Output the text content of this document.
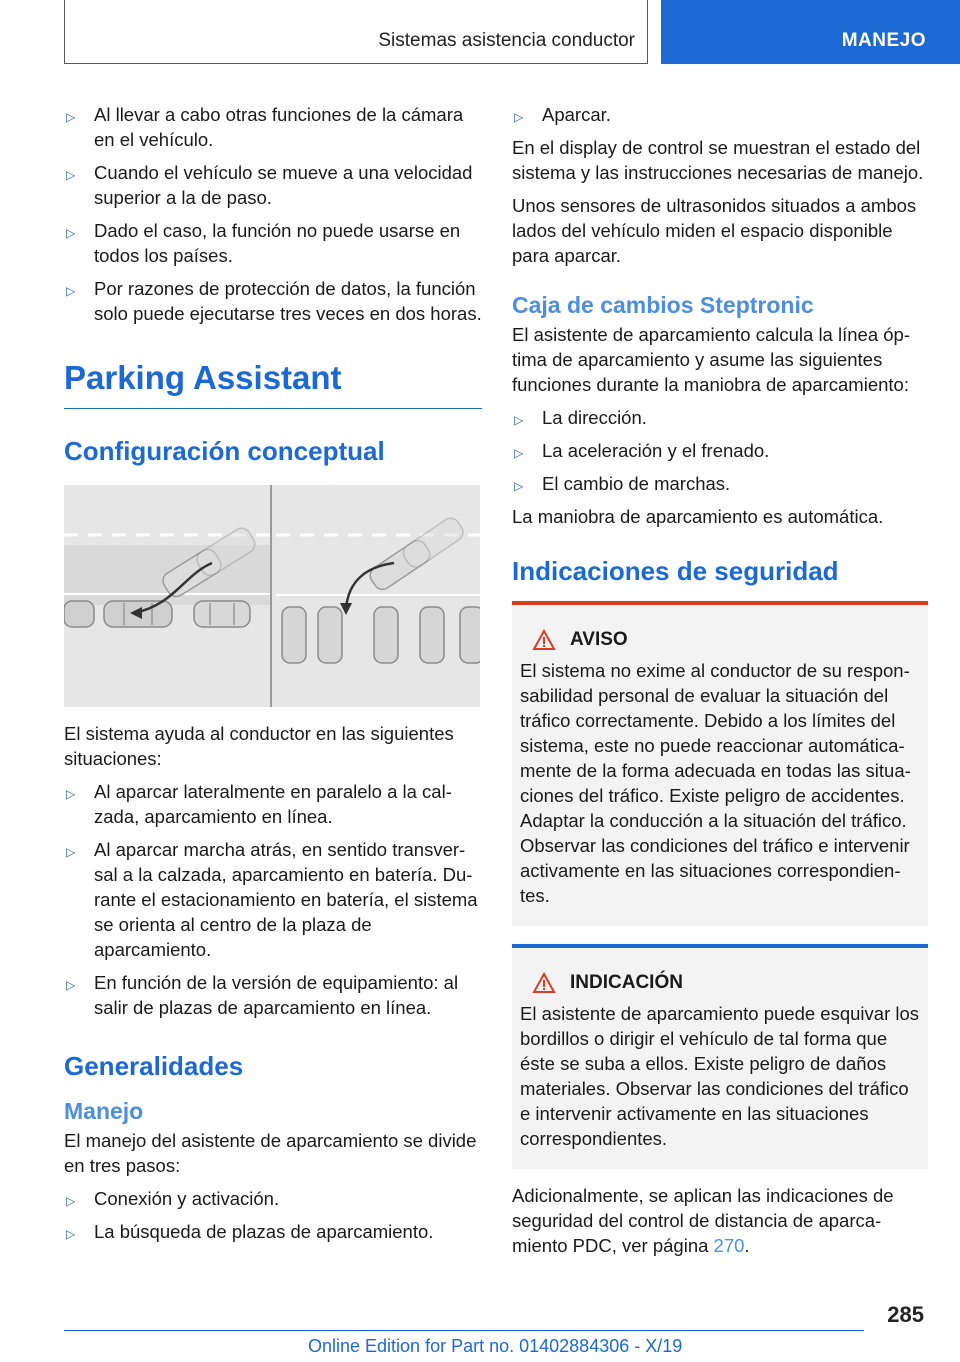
Sistemas asistencia conductor	MANEJO
▷ Al llevar a cabo otras funciones de la cámara en el vehículo.
▷ Cuando el vehículo se mueve a una velocidad superior a la de paso.
▷ Dado el caso, la función no puede usarse en todos los países.
▷ Por razones de protección de datos, la función solo puede ejecutarse tres veces en dos horas.
Parking Assistant
Configuración conceptual

El sistema ayuda al conductor en las siguientes situaciones:

▷ Al aparcar lateralmente en paralelo a la calzada, aparcamiento en línea.
▷ Al aparcar marcha atrás, en sentido transversal a la calzada, aparcamiento en batería. Durante el estacionamiento en batería, el sistema se orienta al centro de la plaza de aparcamiento.
▷ En función de la versión de equipamiento: al salir de plazas de aparcamiento en línea.
Generalidades
Manejo

El manejo del asistente de aparcamiento se divide en tres pasos:

▷ Conexión y activación.
▷ La búsqueda de plazas de aparcamiento.
▷ Aparcar.

En el display de control se muestran el estado del sistema y las instrucciones necesarias de manejo.

Unos sensores de ultrasonidos situados a ambos lados del vehículo miden el espacio disponible para aparcar.

Caja de cambios Steptronic

El asistente de aparcamiento calcula la línea óptima de aparcamiento y asume las siguientes funciones durante la maniobra de aparcamiento:

▷ La dirección.
▷ La aceleración y el frenado.
▷ El cambio de marchas.

La maniobra de aparcamiento es automática.

Indicaciones de seguridad
AVISO

El sistema no exime al conductor de su responsabilidad personal de evaluar la situación del tráfico correctamente. Debido a los límites del sistema, este no puede reaccionar automáticamente de la forma adecuada en todas las situaciones del tráfico. Existe peligro de accidentes. Adaptar la conducción a la situación del tráfico. Observar las condiciones del tráfico e intervenir activamente en las situaciones correspondientes.

INDICACIÓN

El asistente de aparcamiento puede esquivar los bordillos o dirigir el vehículo de tal forma que éste se suba a ellos. Existe peligro de daños materiales. Observar las condiciones del tráfico e intervenir activamente en las situaciones correspondientes.

Adicionalmente, se aplican las indicaciones de seguridad del control de distancia de aparcamiento PDC, ver página 270.

285
Online Edition for Part no. 01402884306 - X/19
